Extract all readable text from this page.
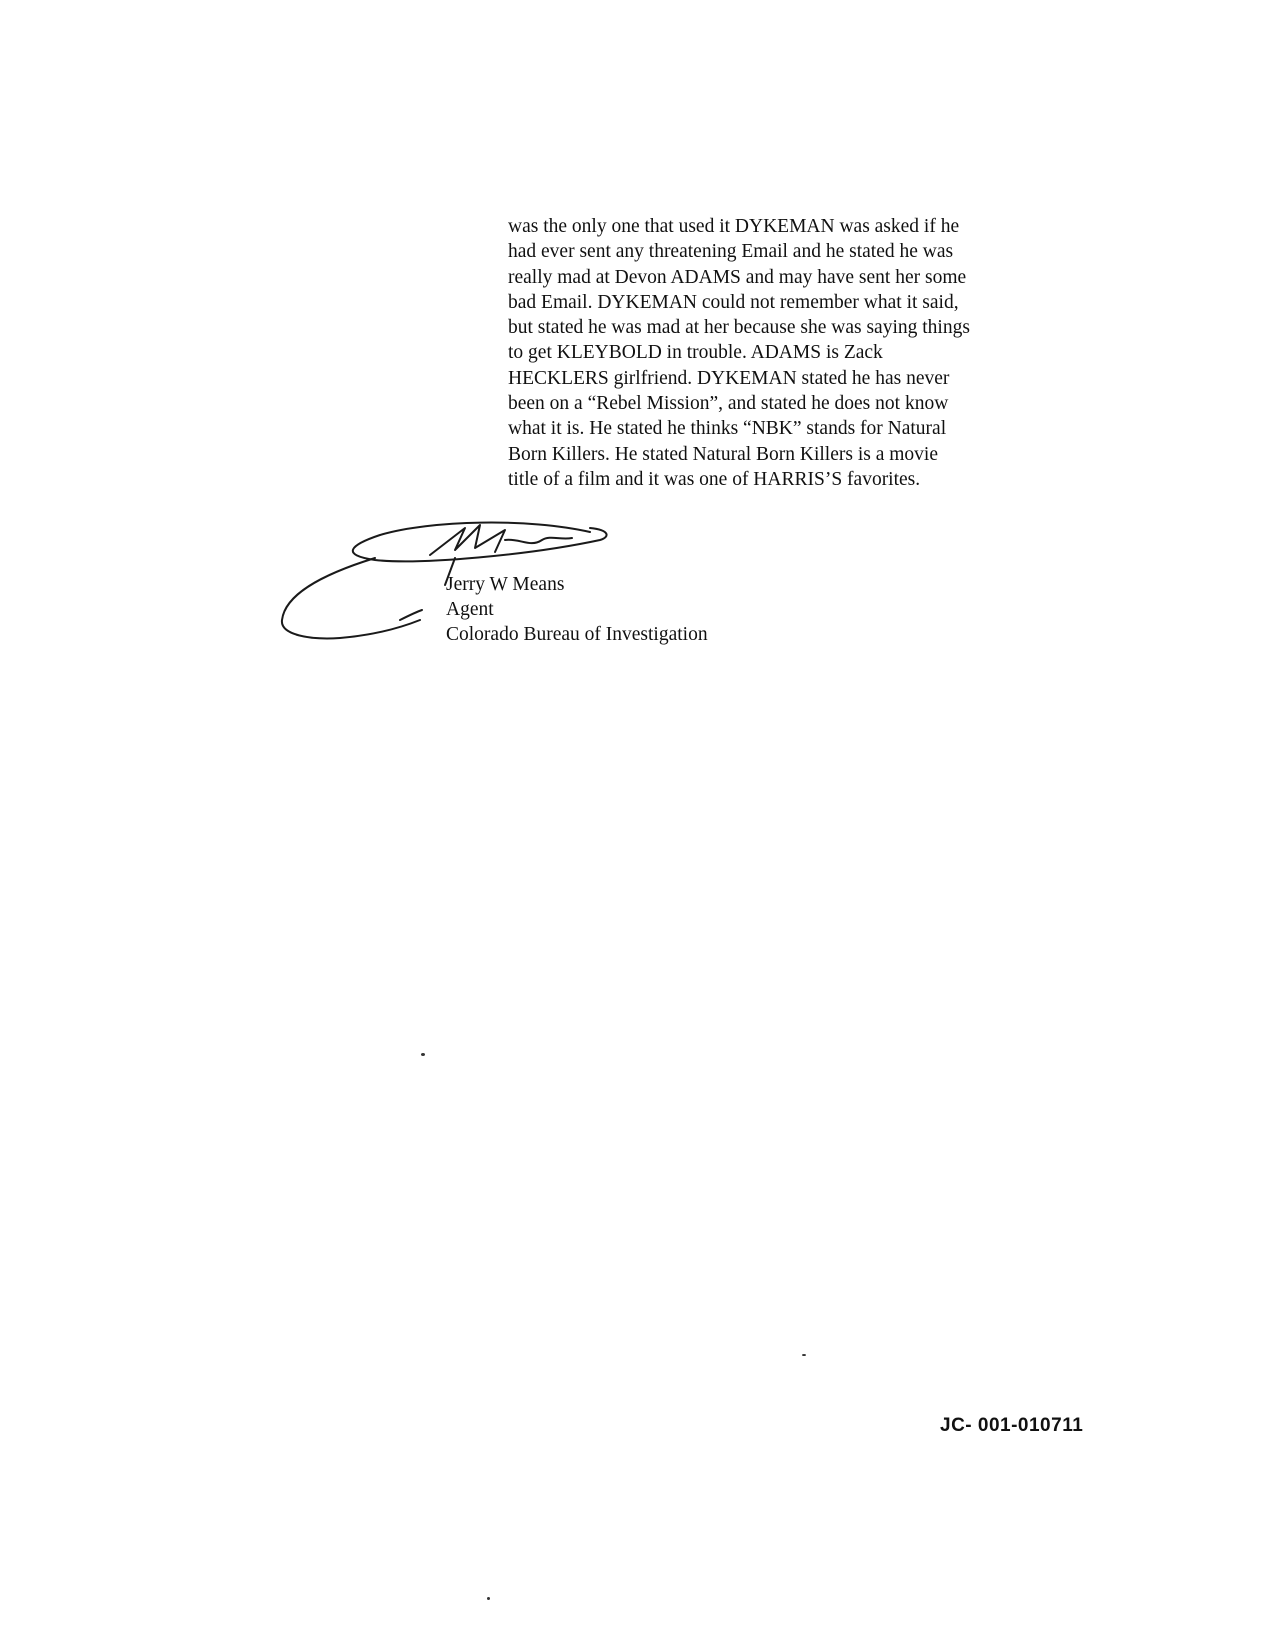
was the only one that used it DYKEMAN was asked if he
had ever sent any threatening Email and he stated he was
really mad at Devon ADAMS and may have sent her some
bad Email. DYKEMAN could not remember what it said,
but stated he was mad at her because she was saying things
to get KLEYBOLD in trouble. ADAMS is Zack
HECKLERS girlfriend. DYKEMAN stated he has never
been on a “Rebel Mission”, and stated he does not know
what it is. He stated he thinks “NBK” stands for Natural
Born Killers. He stated Natural Born Killers is a movie
title of a film and it was one of HARRIS’S favorites.
Jerry W Means
Agent
Colorado Bureau of Investigation
JC- 001-010711
